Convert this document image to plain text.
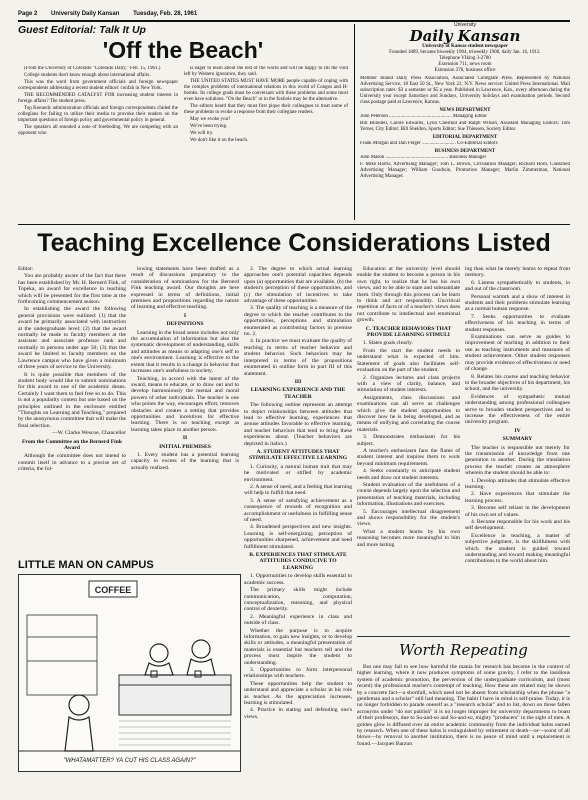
Page 2 University Daily Kansan Tuesday, Feb. 28, 1961
Guest Editorial: Talk It Up
'Off the Beach'

(From the University of Colorado "Colorado Daily," Feb. 15, 1961.)

College students don't know enough about international affairs.

This was the word from government officials and foreign newspaper correspondents addressing a recent student editors' confab in New York.

THE RECOMMENDED CATALYST FOR increasing student interest in foreign affairs? The student press.

Top Kennedy administration officials and foreign correspondents chided the collegians for failing to utilize their media to provoke their readers on the important questions of foreign policy and governmental policy in general.

The speakers all sounded a note of foreboding. We are competing with an opponent who

is eager to learn about the rest of the world and will be happy to fill the void left by Western ignorance, they said.

THE UNITED STATES MUST HAVE MORE people capable of coping with the complex problems of international relations in this world of Congos and H-bombs. Its college grads must be conversant with these problems and some must even have solutions. "On the Beach" or in the foxhole may be the alternative.

The editors heard that they must first pique their colleagues to treat some of these problems to evoke a response from their collegiate readers.

May we evoke you?

We've been trying.

We will try.

We don't like it on the beach.

University
Daily Kansan
University of Kansas student newspaper
Founded 1889, became biweekly 1904, triweekly 1908, daily Jan. 16, 1912.
Telephone VIking 3-2700
Extension 711, news room
Extension 376, business office
Member Inland Daily Press Association, Associated Collegiate Press. Represented by National Advertising Service, 18 East 50 St., New York 22, N.Y. News service: United Press International. Mail subscription rates: $3 a semester or $5 a year. Published in Lawrence, Kan., every afternoon during the University year except Saturdays and Sundays, University holidays and examination periods. Second class postage paid at Lawrence, Kansas.
NEWS DEPARTMENT
John Peterson .................................................. Managing Editor
Bill Blundell, Carole Edwards, Lynn Chestnut and Ralph Wilson, Assistant Managing Editors; Tom Yerner, City Editor; Bill Sheldon, Sports Editor; Sue Thiessen, Society Editor.
EDITORIAL DEPARTMENT
Frank Morgan and Dan Felger ........................... Co-Editorial Editors
BUSINESS DEPARTMENT
John Mason .................................................. Business Manager
F. Mike Harris, Advertising Manager; Tom L. Brown, Circulation Manager; Richard Horn, Classified Advertising Manager; William Goodwin, Promotion Manager; Marlin Zimmerman, National Advertising Manager.
Teaching Excellence Considerations Listed

Editor:

You are probably aware of the fact that there has been established by Mr. H. Bernerd Fink, of Topeka, an award for excellence in teaching which will be presented for the first time at the forthcoming commencement season.

In establishing the award the following general provisions were outlined: (1) that the award be primarily associated with instruction at the undergraduate level; (2) that the award normally be made to faculty members at the assistant and associate professor rank and normally to persons under age 50; (3) that the award be limited to faculty members on the Lawrence campus who have given a minimum of three years of service to the University.

It is quite possible that members of the student body would like to submit nominations for this award to one of the academic deans. Certainly I want them to feel free so to do. This is not a popularity contest but one based on the principles outlined in the enclosure entitled "Thoughts on Learning and Teaching," prepared by the anonymous committee that will make the final selection.

—W. Clarke Wescoe, Chancellor

From the Committee on the Bernerd Fink Award

Although the committee does not intend to commit itself in advance to a precise set of criteria, the fol-

lowing statements have been drafted as a result of discussions preparatory to the consideration of nominations for the Bernerd Fink teaching award. Our thoughts are here expressed in terms of definitions, initial premises and propositions regarding the nature of learning and effective teaching.

I
DEFINITIONS

Learning in the broad sense includes not only the accumulation of information but also the systematic development of understanding, skills and attitudes as means to adapting one's self to one's environment. Learning is effective to the extent that it results in a change in behavior that increases one's usefulness to society.

Teaching, in accord with the intent of the award, means to educate, or to draw out and to develop harmoniously the mental and moral powers of other individuals. The teacher is one who points the way, encourages effort, removes obstacles and creates a setting that provides opportunities and incentives for effective learning. There is no teaching except as learning takes place in another person.

II
INITIAL PREMISES

1. Every student has a potential learning capacity in excess of the learning that is actually realized.

2. The degree to which actual learning approaches one's potential capacities depends upon (a) opportunities that are available, (b) the student's perception of these opportunities, and (c) the stimulation of incentives to take advantage of these opportunities.

3. The quality of teaching is a measure of the degree to which the teacher contributes to the opportunities, perceptions and stimulation enumerated as contributing factors in premise no. 2.

4. In practice we must evaluate the quality of teaching in terms of teacher behavior and student behavior. Such behaviors may be interpreted in terms of the propositions enumerated in outline form in part III of this statement.

III
LEARNING EXPERIENCE AND THE TEACHER

The following outline represents an attempt to depict relationships between attitudes that lead to effective learning, experiences that arouse attitudes favorable to effective learning, and teacher behaviors that tend to bring these experiences about. (Teacher behaviors are depicted in italics.)

A. STUDENT ATTITUDES THAT STIMULATE EFFECTIVE LEARNING

1. Curiosity, a natural human trait that may be motivated or stifled by academic environment.

2. A sense of need, and a feeling that learning will help to fulfill that need.

3. A sense of satisfying achievement as a consequence of rewards of recognition and accomplishment or usefulness in fulfilling sense of need.

4. Broadened perspectives and new insights. Learning is self-energizing; perception of opportunities sharpened, achievement and need fulfillment stimulated.

B. EXPERIENCES THAT STIMULATE ATTITUDES CONDUCIVE TO LEARNING

1. Opportunities to develop skills essential to academic success.

The primary skills might include communication, computation, conceptualization, reasoning, and physical control of dexterity.

2. Meaningful experience in class and outside of class.

Whether the purpose is to acquire information, to gain new insights, or to develop skills or attitudes, a meaningful presentation of materials is essential but teachers tell and the process must inspire the student to understanding.

3. Opportunities to form interpersonal relationships with teachers.

These opportunities help the student to understand and appreciate a scholar in his role as teacher. As the appreciation increases, learning is stimulated.

4. Practice in stating and defending one's views.

Education at the university level should enable the student to become a person in his own right, to realize that he has his own views, and to be able to state and substantiate them. Only through this process can he learn to think and act responsibly. Uncritical repetition of facts or of a teacher's views does not contribute to intellectual and emotional growth.

C. TEACHER BEHAVIORS THAT PROVIDE LEARNING STIMULI

1. States goals clearly.

From the start the student needs to understand what is expected of him. Statement of goals also facilitates self-evaluation on the part of the student.

2. Organizes lectures and class projects with a view of clarity, balance, and stimulation of student interests.

Assignments, class discussions and examinations can all serve as challenges which give the student opportunities to discover how he is being developed, and as means of unifying and correlating the course materials.

3. Demonstrates enthusiasm for his subject.

A teacher's enthusiasm fans the flame of student interest and inspires them to work beyond minimum requirements.

4. Seeks constantly to anticipate student needs and draw out student interests.

Student evaluation of the usefulness of a course depends largely upon the selection and presentation of teaching materials, including information, illustrations and exercises.

5. Encourages intellectual disagreement and shows responsibility for the student's views.

What a student learns by his own reasoning becomes more meaningful to him and more lasting

ing than what he merely learns to repeat from memory.

6. Listens sympathetically to students, in and out of the classroom.

Personal warmth and a show of interest in students and their problems stimulate learning as a normal human response.

7. Seeks opportunities to evaluate effectiveness of his teaching in terms of student responses.

Examinations can serve as guides to improvement of teaching in addition to their use as teaching instruments and measures of student achievement. Other student responses may provide evidence of effectiveness or need of change.

8. Relates his course and teaching behavior to the broader objectives of his department, his school, and the university.

Evidences of sympathetic mutual understanding among professional colleagues serve to broaden student perspectives and to increase the effectiveness of the entire university program.

IV
SUMMARY

The teacher is responsible not merely for the transmission of knowledge from one generation to another. During the translation process the teacher creates an atmosphere wherein the student should be able to:

1. Develop attitudes that stimulate effective learning.

2. Have experiences that stimulate the learning process.

3. Become self reliant in the development of his own set of values.

4. Become responsible for his work and his self development.

Excellence in teaching, a matter of subjective judgment, is the skillfulness with which the student is guided toward understanding and toward making meaningful contributions to the world about him.

LITTLE MAN ON CAMPUS
COFFEE
"WHATAMATTER? YA CUT HIS CLASS AGAIN?"
Worth Repeating
But one may fail to see how harmful the mania for research has become in the context of higher learning, where it now produces symptoms of some gravity. I refer to the insidious system of academic promotion, the perversion of the undergraduate curriculum, and (most recent) the professional teacher's contempt of teaching. How these are related may be shown by a concrete fact—a shortfall, which need not be absent from scholarship when the phrase "a gentleman and a scholar" still had meaning. The habit I have in mind is self-praise. Today, it is no longer forbidden to parade oneself as a "research scholar" and to list, down on those fallen acronyms under "do not publish" it is no longer improper for university departments to boast of their professors, due to So-and-so and So-and-so, mighty "producers" in the sight of men. A golden glow is diffused over an entire academic community from the individual halos earned by research. When one of these halos is extinguished by retirement or death—or—worst of all blows—by removal to another institution, there is no peace of mind until a replacement is found.—Jacques Barzun
